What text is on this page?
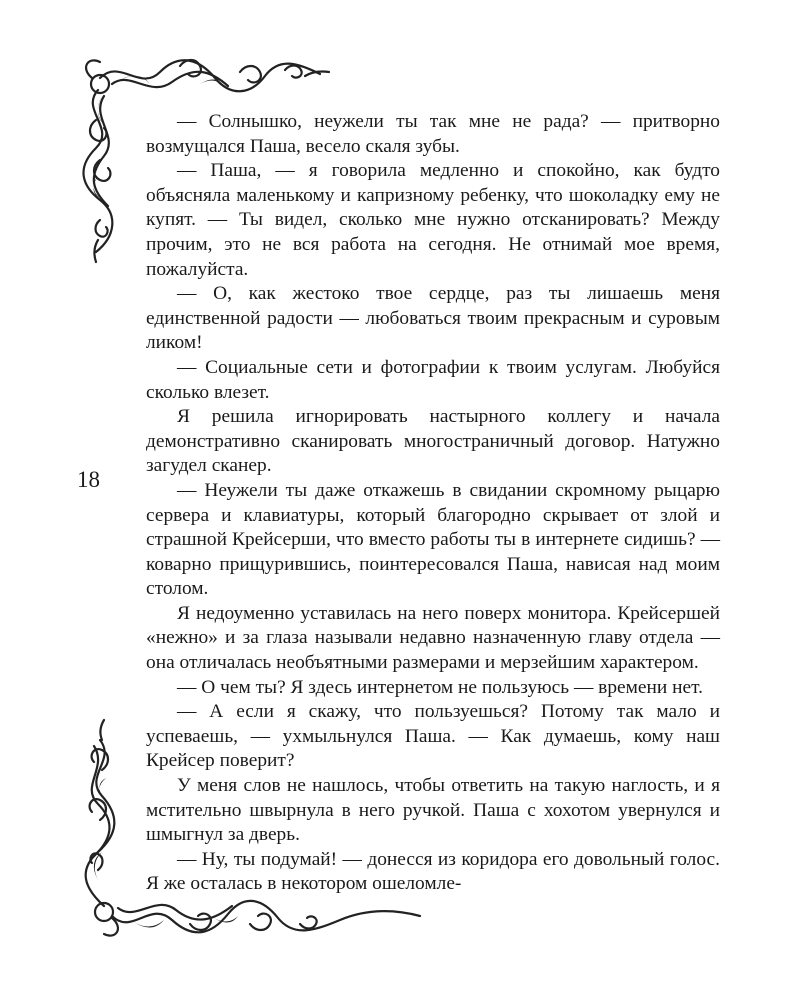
18

— Солнышко, неужели ты так мне не рада? — притворно возмущался Паша, весело скаля зубы.

— Паша, — я говорила медленно и спокойно, как будто объясняла маленькому и капризному ребенку, что шоколадку ему не купят. — Ты видел, сколько мне нужно отсканировать? Между прочим, это не вся работа на сегодня. Не отнимай мое время, пожалуйста.

— О, как жестоко твое сердце, раз ты лишаешь меня единственной радости — любоваться твоим прекрасным и суровым ликом!

— Социальные сети и фотографии к твоим услугам. Любуйся сколько влезет.

Я решила игнорировать настырного коллегу и начала демонстративно сканировать многостраничный договор. Натужно загудел сканер.

— Неужели ты даже откажешь в свидании скромному рыцарю сервера и клавиатуры, который благородно скрывает от злой и страшной Крейсерши, что вместо работы ты в интернете сидишь? — коварно прищурившись, поинтересовался Паша, нависая над моим столом.

Я недоуменно уставилась на него поверх монитора. Крейсершей «нежно» и за глаза называли недавно назначенную главу отдела — она отличалась необъятными размерами и мерзейшим характером.

— О чем ты? Я здесь интернетом не пользуюсь — времени нет.

— А если я скажу, что пользуешься? Потому так мало и успеваешь, — ухмыльнулся Паша. — Как думаешь, кому наш Крейсер поверит?

У меня слов не нашлось, чтобы ответить на такую наглость, и я мстительно швырнула в него ручкой. Паша с хохотом увернулся и шмыгнул за дверь.

— Ну, ты подумай! — донесся из коридора его довольный голос. Я же осталась в некотором ошеломле-
